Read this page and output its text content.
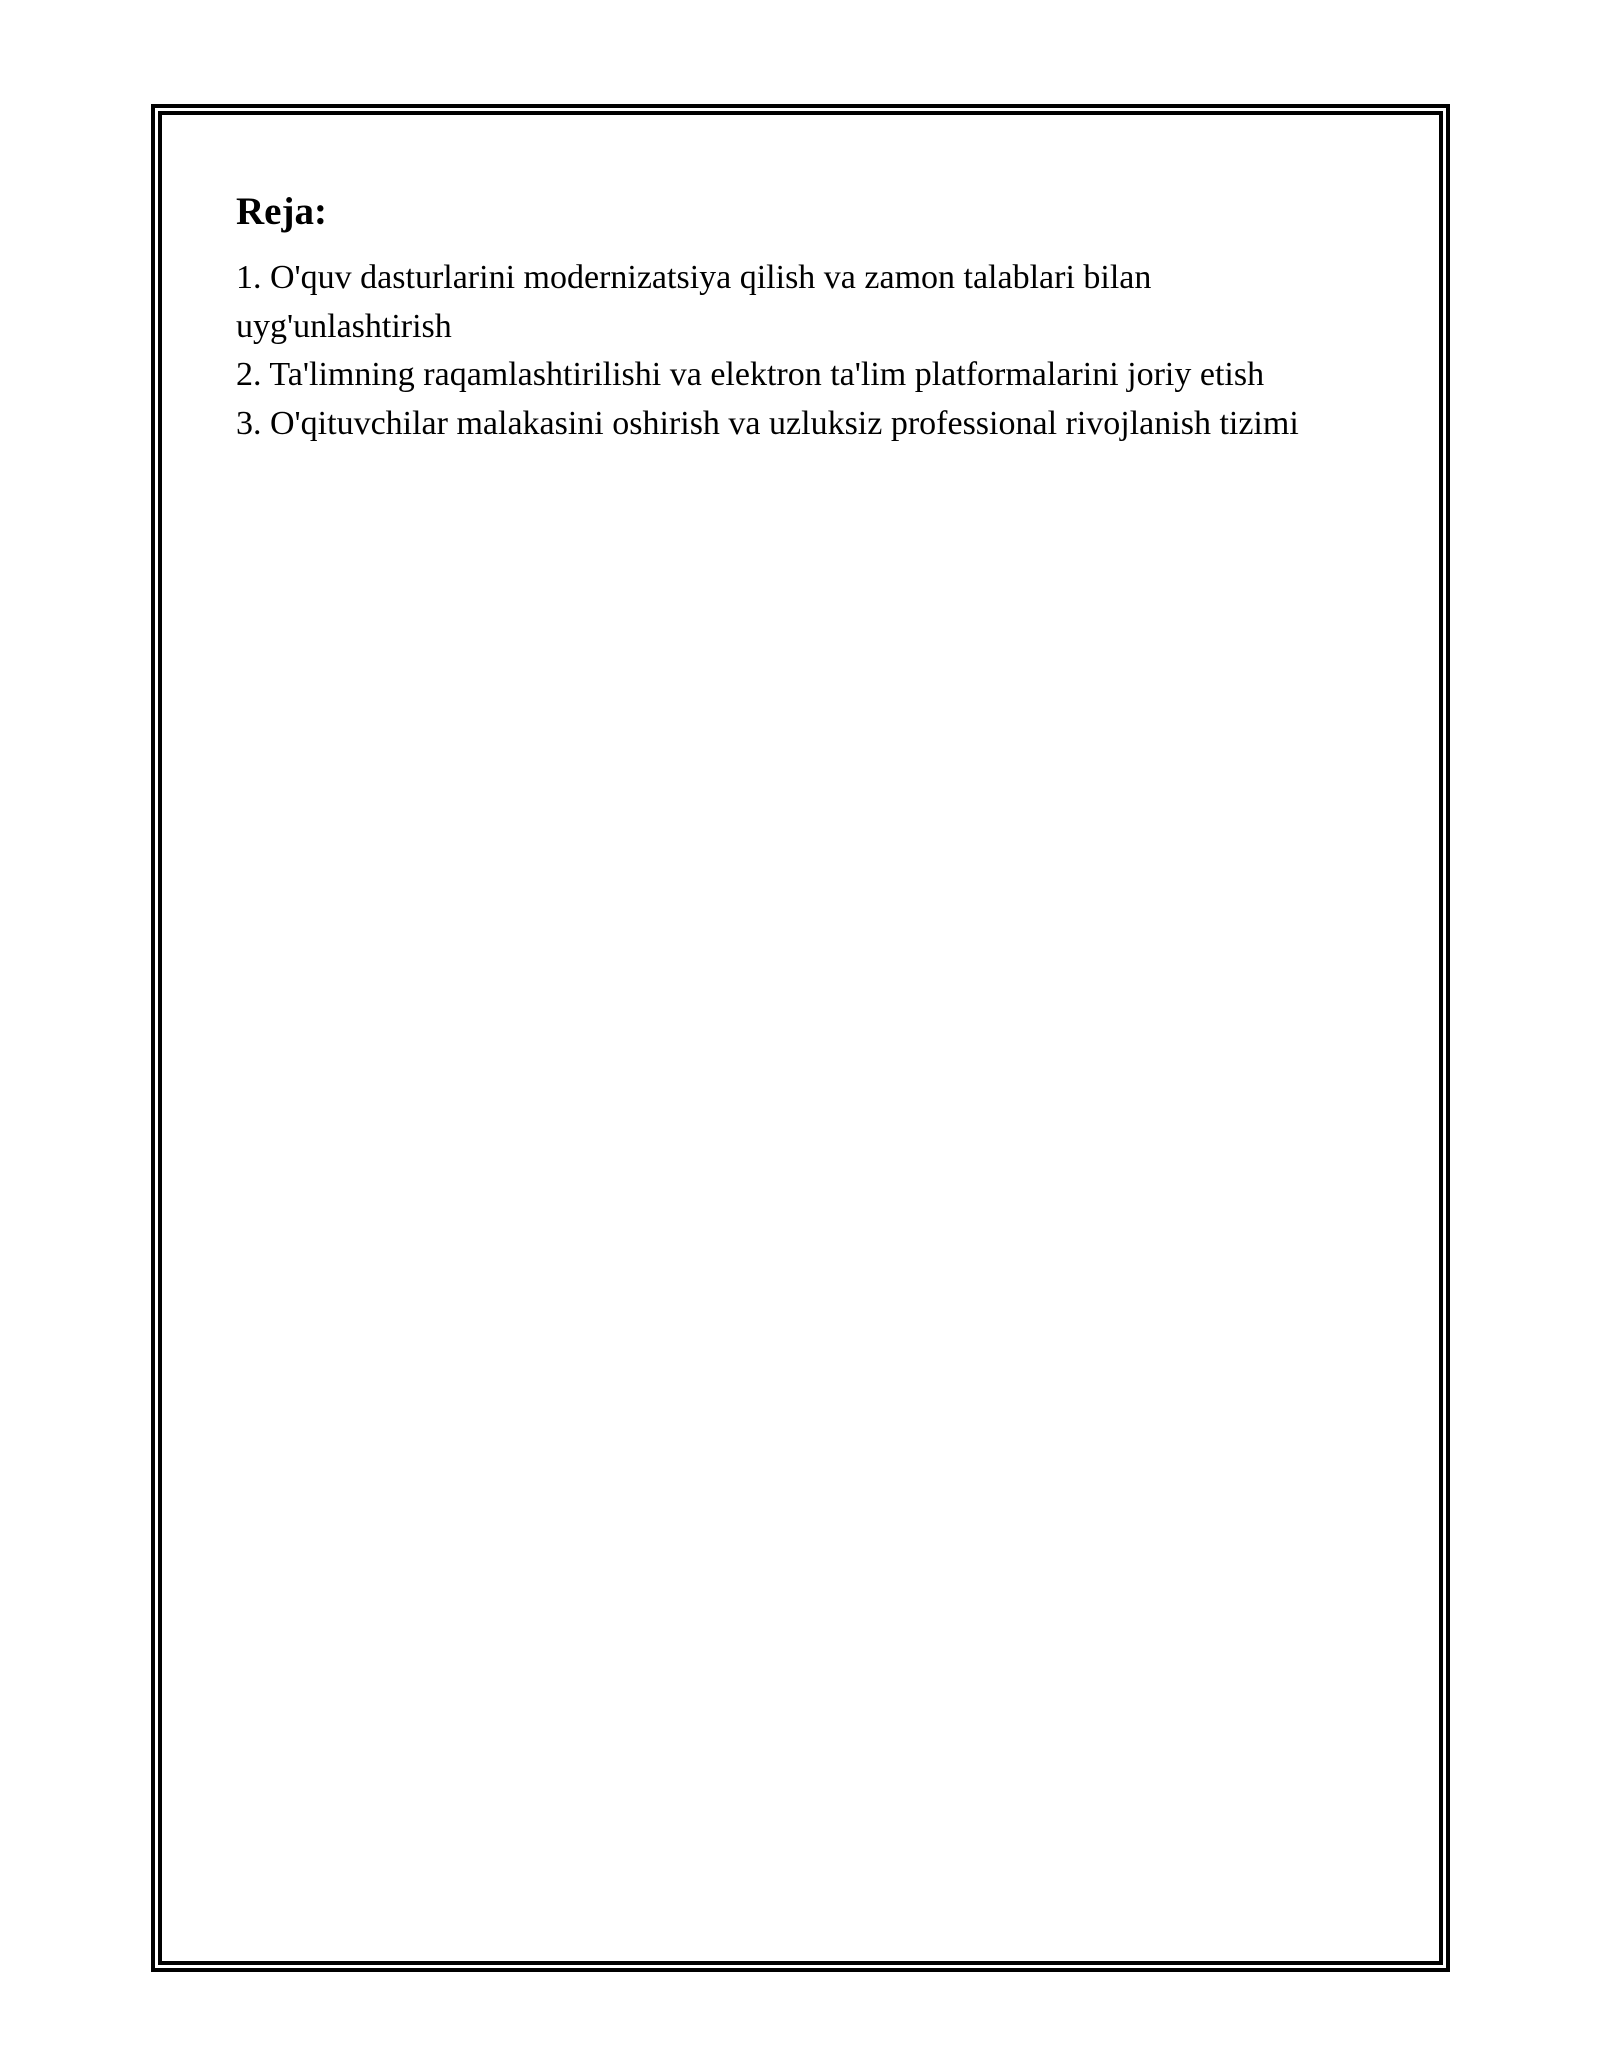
Reja:
1. O'quv dasturlarini modernizatsiya qilish va zamon talablari bilan uyg'unlashtirish
2. Ta'limning raqamlashtirilishi va elektron ta'lim platformalarini joriy etish
3. O'qituvchilar malakasini oshirish va uzluksiz professional rivojlanish tizimi
